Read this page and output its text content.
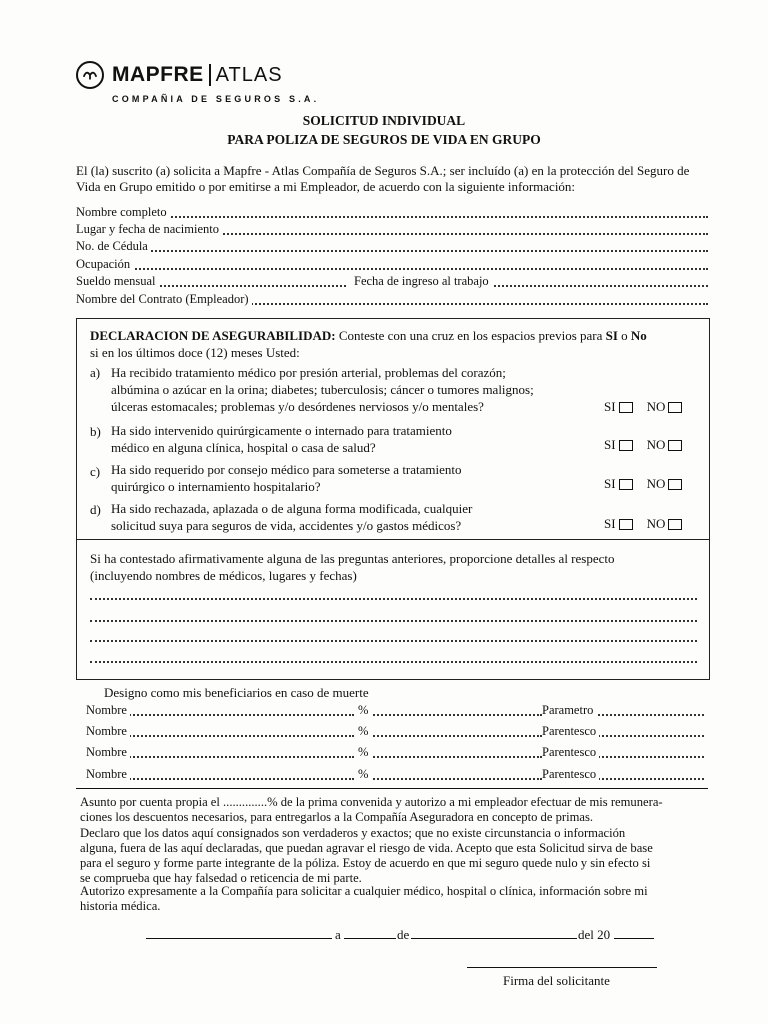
MAPFRE ATLAS
COMPAÑIA DE SEGUROS S.A.
SOLICITUD INDIVIDUAL
PARA POLIZA DE SEGUROS DE VIDA EN GRUPO
El (la) suscrito (a) solicita a Mapfre - Atlas Compañía de Seguros S.A.; ser incluído (a) en la protección del Seguro de
Vida en Grupo emitido o por emitirse a mi Empleador, de acuerdo con la siguiente información:
Nombre completo
Lugar y fecha de nacimiento
No. de Cédula
Ocupación
Sueldo mensual	Fecha de ingreso al trabajo
Nombre del Contrato (Empleador)
DECLARACION DE ASEGURABILIDAD: Conteste con una cruz en los espacios previos para SI o No
si en los últimos doce (12) meses Usted:
a) Ha recibido tratamiento médico por presión arterial, problemas del corazón;
albúmina o azúcar en la orina; diabetes; tuberculosis; cáncer o tumores malignos;
úlceras estomacales; problemas y/o desórdenes nerviosos y/o mentales?	SI NO
b) Ha sido intervenido quirúrgicamente o internado para tratamiento
médico en alguna clínica, hospital o casa de salud?	SI NO
c) Ha sido requerido por consejo médico para someterse a tratamiento
quirúrgico o internamiento hospitalario?	SI NO
d) Ha sido rechazada, aplazada o de alguna forma modificada, cualquier
solicitud suya para seguros de vida, accidentes y/o gastos médicos?	SI NO
Si ha contestado afirmativamente alguna de las preguntas anteriores, proporcione detalles al respecto
(incluyendo nombres de médicos, lugares y fechas)
Designo como mis beneficiarios en caso de muerte
Nombre	%	Parametro
Nombre	%	Parentesco
Nombre	%	Parentesco
Nombre	%	Parentesco
Asunto por cuenta propia el ..............% de la prima convenida y autorizo a mi empleador efectuar de mis remunera-
ciones los descuentos necesarios, para entregarlos a la Compañía Aseguradora en concepto de primas.
Declaro que los datos aquí consignados son verdaderos y exactos; que no existe circunstancia o información
alguna, fuera de las aquí declaradas, que puedan agravar el riesgo de vida. Acepto que esta Solicitud sirva de base
para el seguro y forme parte integrante de la póliza. Estoy de acuerdo en que mi seguro quede nulo y sin efecto si
se comprueba que hay falsedad o reticencia de mi parte.
Autorizo expresamente a la Compañía para solicitar a cualquier médico, hospital o clínica, información sobre mi
historia médica.
a	de	del 20
Firma del solicitante
